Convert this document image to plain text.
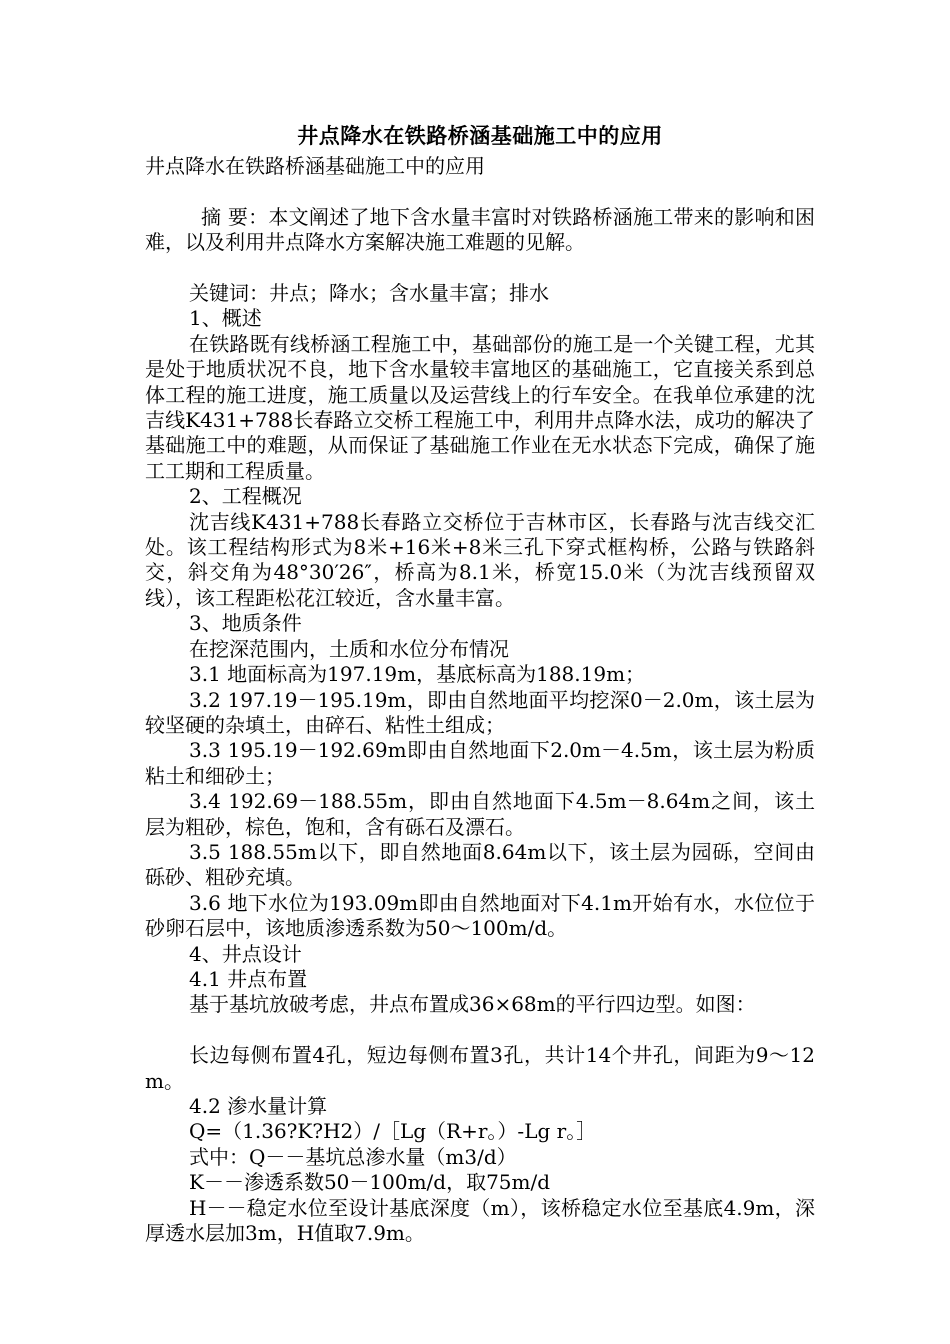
井点降水在铁路桥涵基础施工中的应用

井点降水在铁路桥涵基础施工中的应用

摘 要：本文阐述了地下含水量丰富时对铁路桥涵施工带来的影响和困难，以及利用井点降水方案解决施工难题的见解。

关键词：井点；降水；含水量丰富；排水

1、概述

在铁路既有线桥涵工程施工中，基础部份的施工是一个关键工程，尤其是处于地质状况不良，地下含水量较丰富地区的基础施工，它直接关系到总体工程的施工进度，施工质量以及运营线上的行车安全。在我单位承建的沈吉线K431+788长春路立交桥工程施工中，利用井点降水法，成功的解决了基础施工中的难题，从而保证了基础施工作业在无水状态下完成，确保了施工工期和工程质量。

2、工程概况

沈吉线K431+788长春路立交桥位于吉林市区，长春路与沈吉线交汇处。该工程结构形式为8米+16米+8米三孔下穿式框构桥，公路与铁路斜交，斜交角为48°30′26″，桥高为8.1米，桥宽15.0米（为沈吉线预留双线），该工程距松花江较近，含水量丰富。

3、地质条件

在挖深范围内，土质和水位分布情况

3.1 地面标高为197.19m，基底标高为188.19m；

3.2 197.19－195.19m，即由自然地面平均挖深0－2.0m，该土层为较坚硬的杂填土，由碎石、粘性土组成；

3.3 195.19－192.69m即由自然地面下2.0m－4.5m，该土层为粉质粘土和细砂土；

3.4 192.69－188.55m，即由自然地面下4.5m－8.64m之间，该土层为粗砂，棕色，饱和，含有砾石及漂石。

3.5 188.55m以下，即自然地面8.64m以下，该土层为园砾，空间由砾砂、粗砂充填。

3.6 地下水位为193.09m即由自然地面对下4.1m开始有水，水位位于砂卵石层中，该地质渗透系数为50～100m/d。

4、井点设计

4.1 井点布置

基于基坑放破考虑，井点布置成36×68m的平行四边型。如图：

长边每侧布置4孔，短边每侧布置3孔，共计14个井孔，间距为9～12m。

4.2 渗水量计算

Q=（1.36?K?H2）/［Lg（R+r。）-Lg r。］

式中：Q－－基坑总渗水量（m3/d）

K－－渗透系数50－100m/d，取75m/d

H－－稳定水位至设计基底深度（m），该桥稳定水位至基底4.9m，深厚透水层加3m，H值取7.9m。
